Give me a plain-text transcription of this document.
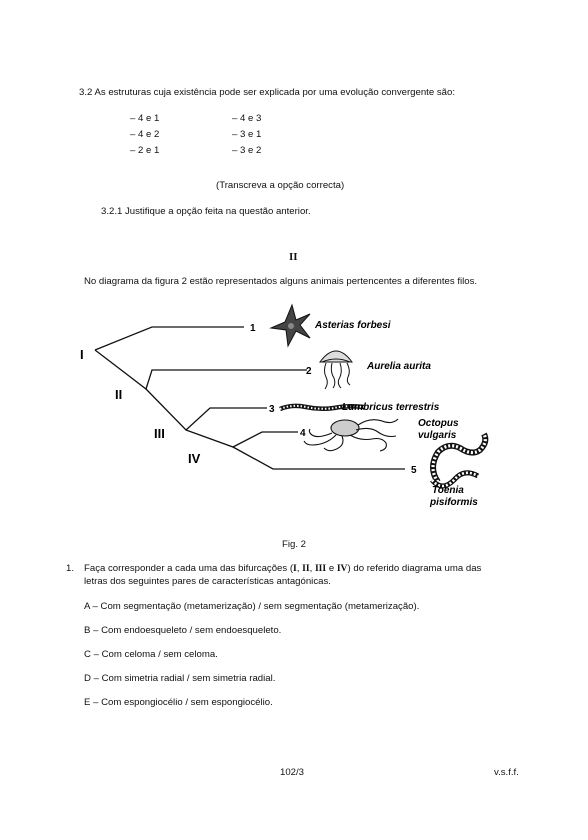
3.2 As estruturas cuja existência pode ser explicada por uma evolução convergente são:
– 4 e 1
– 4 e 2
– 2 e 1
– 4 e 3
– 3 e 1
– 3 e 2
(Transcreva a opção correcta)
3.2.1 Justifique a opção feita na questão anterior.
II
No diagrama da figura 2 estão representados alguns animais pertencentes a diferentes filos.
I
II
III
IV
1
2
3
4
5
Asterias forbesi
Aurelia aurita
Lumbricus terrestris
Octopus
vulgaris
Toenia
pisiformis
Fig. 2
1. Faça corresponder a cada uma das bifurcações (I, II, III e IV) do referido diagrama uma das
letras dos seguintes pares de características antagónicas.
A – Com segmentação (metamerização) / sem segmentação (metamerização).
B – Com endoesqueleto / sem endoesqueleto.
C – Com celoma / sem celoma.
D – Com simetria radial / sem simetria radial.
E – Com espongiocélio / sem espongiocélio.
102/3	v.s.f.f.
